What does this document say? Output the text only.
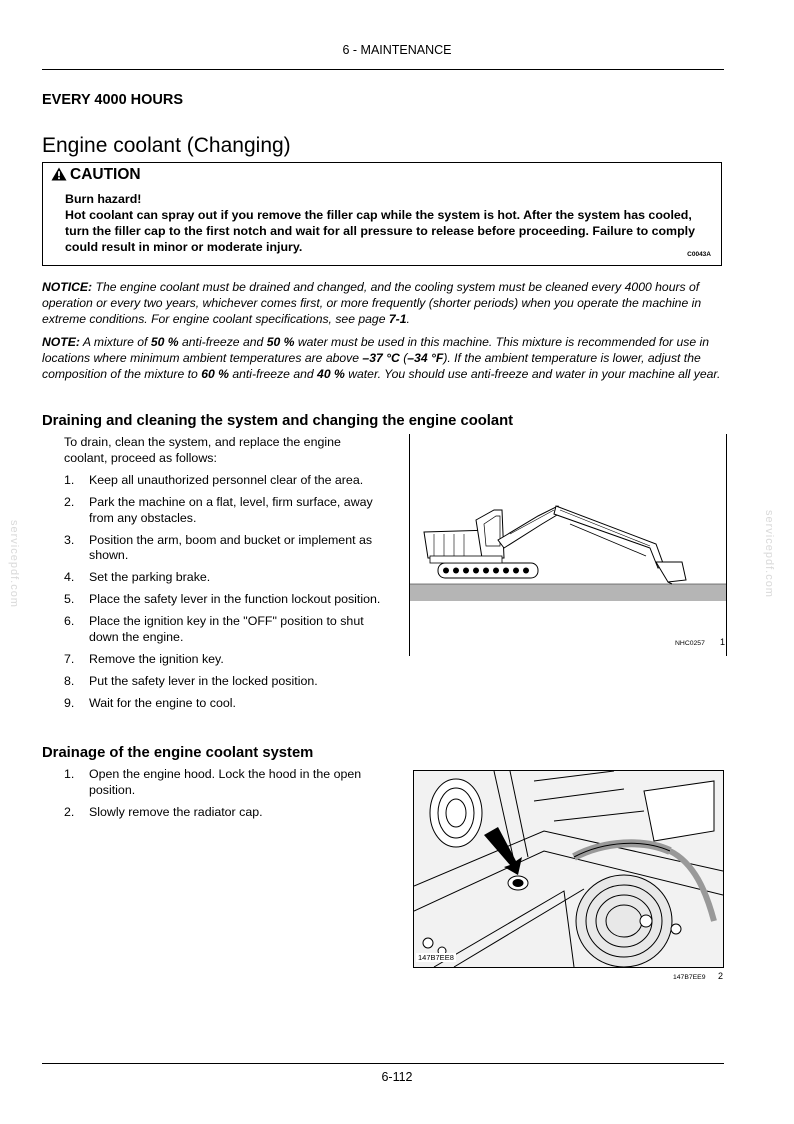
6 - MAINTENANCE
EVERY 4000 HOURS
Engine coolant (Changing)
CAUTION
Burn hazard!
Hot coolant can spray out if you remove the filler cap while the system is hot. After the system has cooled, turn the filler cap to the first notch and wait for all pressure to release before proceeding. Failure to comply could result in minor or moderate injury.
C0043A
NOTICE: The engine coolant must be drained and changed, and the cooling system must be cleaned every 4000 hours of operation or every two years, whichever comes first, or more frequently (shorter periods) when you operate the machine in extreme conditions. For engine coolant specifications, see page 7-1.
NOTE: A mixture of 50 % anti-freeze and 50 % water must be used in this machine. This mixture is recommended for use in locations where minimum ambient temperatures are above –37 °C (–34 °F). If the ambient temperature is lower, adjust the composition of the mixture to 60 % anti-freeze and 40 % water. You should use anti-freeze and water in your machine all year.
Draining and cleaning the system and changing the engine coolant
To drain, clean the system, and replace the engine coolant, proceed as follows:
1. Keep all unauthorized personnel clear of the area.
2. Park the machine on a flat, level, firm surface, away from any obstacles.
3. Position the arm, boom and bucket or implement as shown.
4. Set the parking brake.
5. Place the safety lever in the function lockout position.
6. Place the ignition key in the "OFF" position to shut down the engine.
7. Remove the ignition key.
8. Put the safety lever in the locked position.
9. Wait for the engine to cool.
NHC0257 1
Drainage of the engine coolant system
1. Open the engine hood. Lock the hood in the open position.
2. Slowly remove the radiator cap.
147B7EE8
147B7EE9 2
servicepdf.com	servicepdf.com
6-112
